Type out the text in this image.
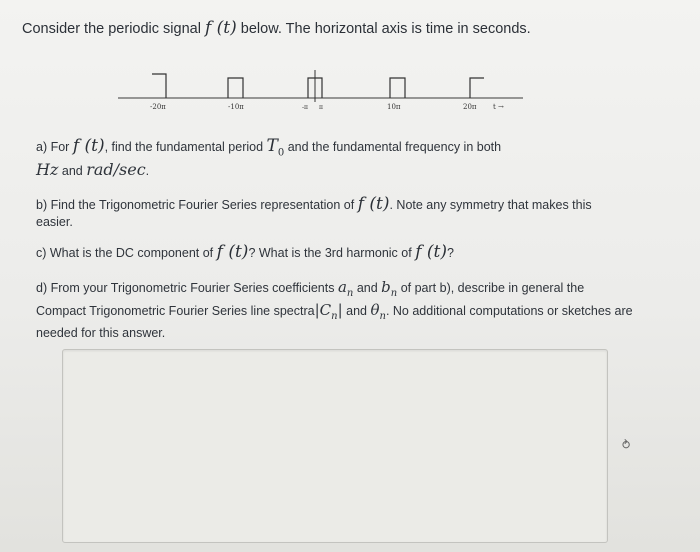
Consider the periodic signal f (t) below. The horizontal axis is time in seconds.
-20π	-10π	-π π	10π	20π t →
a) For f (t), find the fundamental period $T_0$ and the fundamental frequency in both
Hz and rad/sec.
b) Find the Trigonometric Fourier Series representation of f (t). Note any symmetry that makes this easier.
c) What is the DC component of f (t)? What is the 3rd harmonic of f (t)?
d) From your Trigonometric Fourier Series coefficients $a_n$ and $b_n$ of part b), describe in general the Compact Trigonometric Fourier Series line $spectra|C_n|$ and $\theta_n$. No additional computations or sketches are needed for this answer.
⥁
